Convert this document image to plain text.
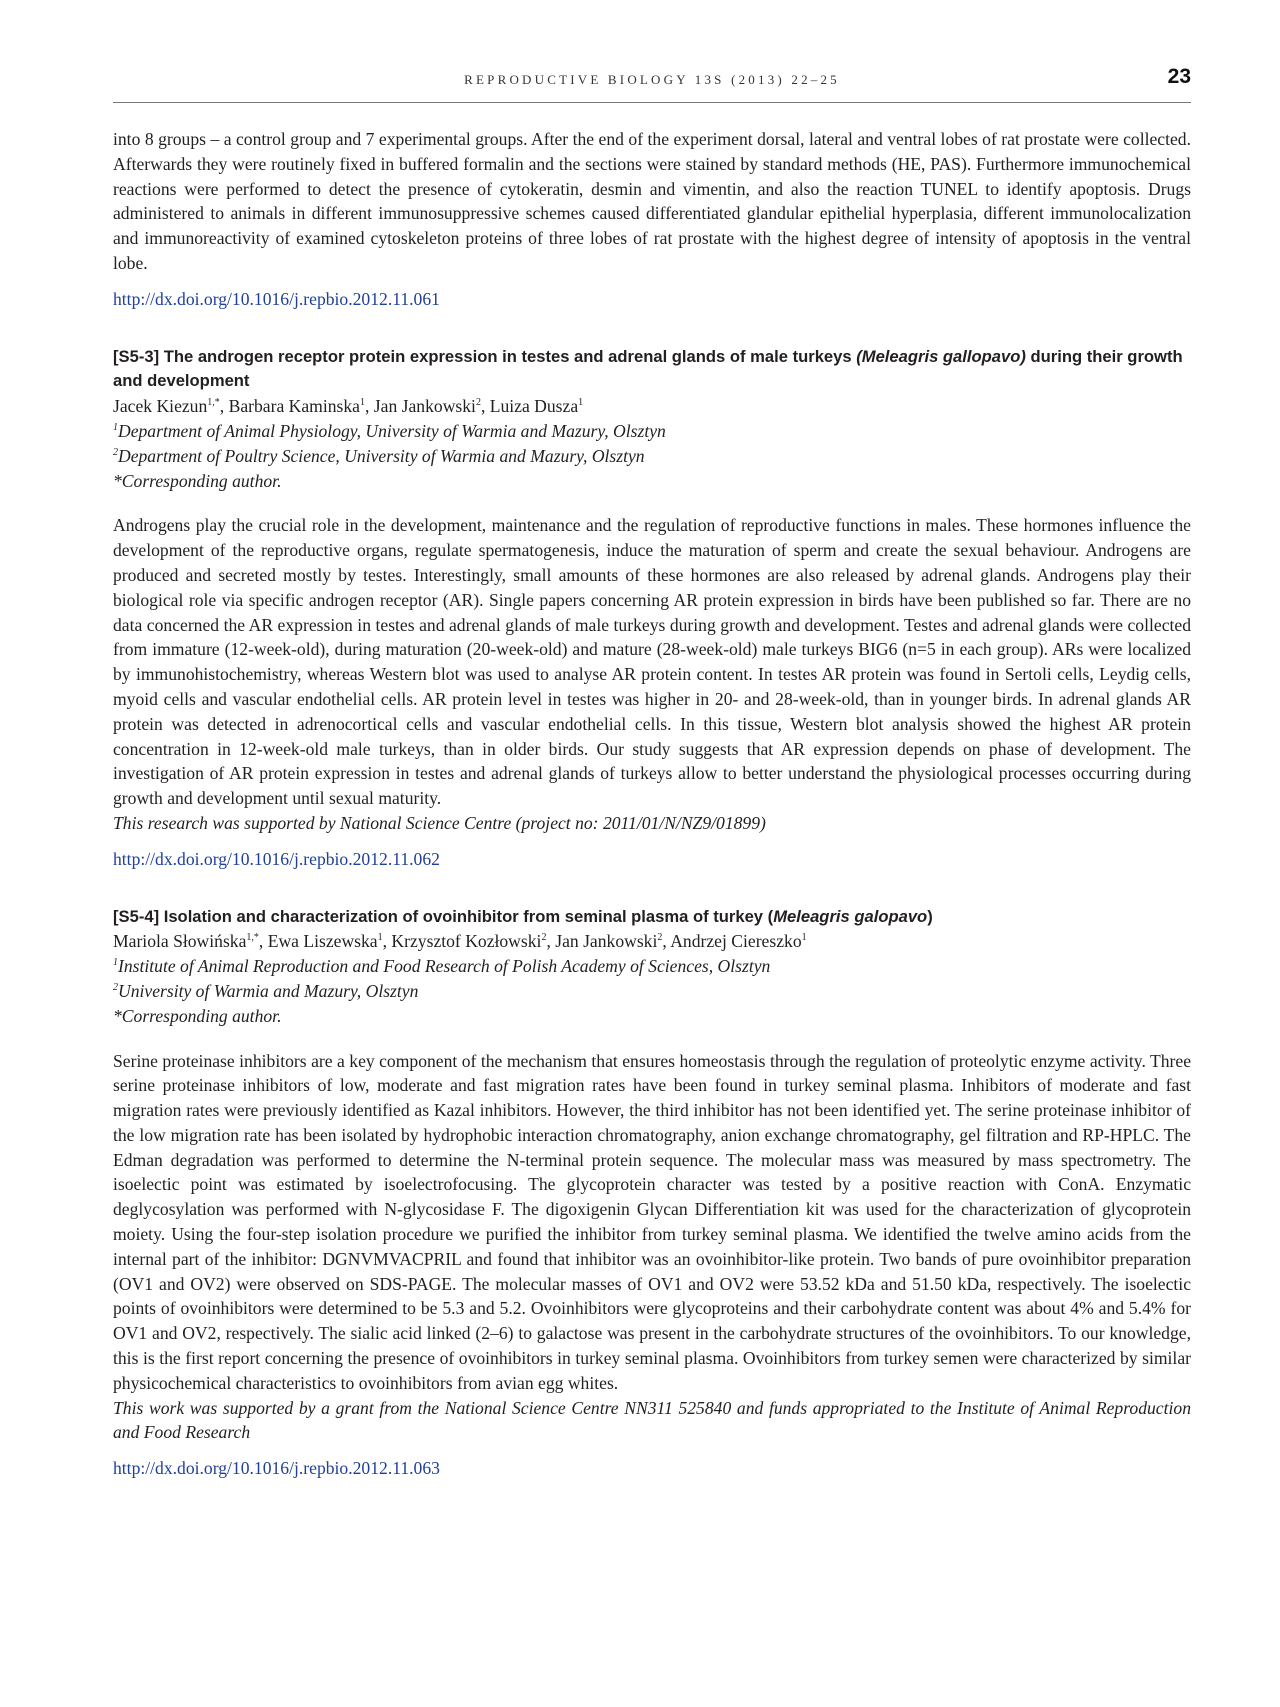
REPRODUCTIVE BIOLOGY 13S (2013) 22–25	23

into 8 groups – a control group and 7 experimental groups. After the end of the experiment dorsal, lateral and ventral lobes of rat prostate were collected. Afterwards they were routinely fixed in buffered formalin and the sections were stained by standard methods (HE, PAS). Furthermore immunochemical reactions were performed to detect the presence of cytokeratin, desmin and vimentin, and also the reaction TUNEL to identify apoptosis. Drugs administered to animals in different immunosuppressive schemes caused differentiated glandular epithelial hyperplasia, different immunolocalization and immunoreactivity of examined cytoskeleton proteins of three lobes of rat prostate with the highest degree of intensity of apoptosis in the ventral lobe.

http://dx.doi.org/10.1016/j.repbio.2012.11.061

[S5-3] The androgen receptor protein expression in testes and adrenal glands of male turkeys (Meleagris gallopavo) during their growth and development

Jacek Kiezun$^{1,*}$, Barbara Kaminska$^1$, Jan Jankowski$^2$, Luiza Dusza$^1$

$^1$Department of Animal Physiology, University of Warmia and Mazury, Olsztyn

$^2$Department of Poultry Science, University of Warmia and Mazury, Olsztyn

*Corresponding author.

Androgens play the crucial role in the development, maintenance and the regulation of reproductive functions in males. These hormones influence the development of the reproductive organs, regulate spermatogenesis, induce the maturation of sperm and create the sexual behaviour. Androgens are produced and secreted mostly by testes. Interestingly, small amounts of these hormones are also released by adrenal glands. Androgens play their biological role via specific androgen receptor (AR). Single papers concerning AR protein expression in birds have been published so far. There are no data concerned the AR expression in testes and adrenal glands of male turkeys during growth and development. Testes and adrenal glands were collected from immature (12-week-old), during maturation (20-week-old) and mature (28-week-old) male turkeys BIG6 (n=5 in each group). ARs were localized by immunohistochemistry, whereas Western blot was used to analyse AR protein content. In testes AR protein was found in Sertoli cells, Leydig cells, myoid cells and vascular endothelial cells. AR protein level in testes was higher in 20- and 28-week-old, than in younger birds. In adrenal glands AR protein was detected in adrenocortical cells and vascular endothelial cells. In this tissue, Western blot analysis showed the highest AR protein concentration in 12-week-old male turkeys, than in older birds. Our study suggests that AR expression depends on phase of development. The investigation of AR protein expression in testes and adrenal glands of turkeys allow to better understand the physiological processes occurring during growth and development until sexual maturity.

This research was supported by National Science Centre (project no: 2011/01/N/NZ9/01899)

http://dx.doi.org/10.1016/j.repbio.2012.11.062

[S5-4] Isolation and characterization of ovoinhibitor from seminal plasma of turkey (Meleagris galopavo)

Mariola Słowińska$^{1,*}$, Ewa Liszewska$^1$, Krzysztof Kozłowski$^2$, Jan Jankowski$^2$, Andrzej Ciereszko$^1$

$^1$Institute of Animal Reproduction and Food Research of Polish Academy of Sciences, Olsztyn

$^2$University of Warmia and Mazury, Olsztyn

*Corresponding author.

Serine proteinase inhibitors are a key component of the mechanism that ensures homeostasis through the regulation of proteolytic enzyme activity. Three serine proteinase inhibitors of low, moderate and fast migration rates have been found in turkey seminal plasma. Inhibitors of moderate and fast migration rates were previously identified as Kazal inhibitors. However, the third inhibitor has not been identified yet. The serine proteinase inhibitor of the low migration rate has been isolated by hydrophobic interaction chromatography, anion exchange chromatography, gel filtration and RP-HPLC. The Edman degradation was performed to determine the N-terminal protein sequence. The molecular mass was measured by mass spectrometry. The isoelectic point was estimated by isoelectrofocusing. The glycoprotein character was tested by a positive reaction with ConA. Enzymatic deglycosylation was performed with N-glycosidase F. The digoxigenin Glycan Differentiation kit was used for the characterization of glycoprotein moiety. Using the four-step isolation procedure we purified the inhibitor from turkey seminal plasma. We identified the twelve amino acids from the internal part of the inhibitor: DGNVMVACPRIL and found that inhibitor was an ovoinhibitor-like protein. Two bands of pure ovoinhibitor preparation (OV1 and OV2) were observed on SDS-PAGE. The molecular masses of OV1 and OV2 were 53.52 kDa and 51.50 kDa, respectively. The isoelectic points of ovoinhibitors were determined to be 5.3 and 5.2. Ovoinhibitors were glycoproteins and their carbohydrate content was about 4% and 5.4% for OV1 and OV2, respectively. The sialic acid linked (2–6) to galactose was present in the carbohydrate structures of the ovoinhibitors. To our knowledge, this is the first report concerning the presence of ovoinhibitors in turkey seminal plasma. Ovoinhibitors from turkey semen were characterized by similar physicochemical characteristics to ovoinhibitors from avian egg whites.

This work was supported by a grant from the National Science Centre NN311 525840 and funds appropriated to the Institute of Animal Reproduction and Food Research

http://dx.doi.org/10.1016/j.repbio.2012.11.063
